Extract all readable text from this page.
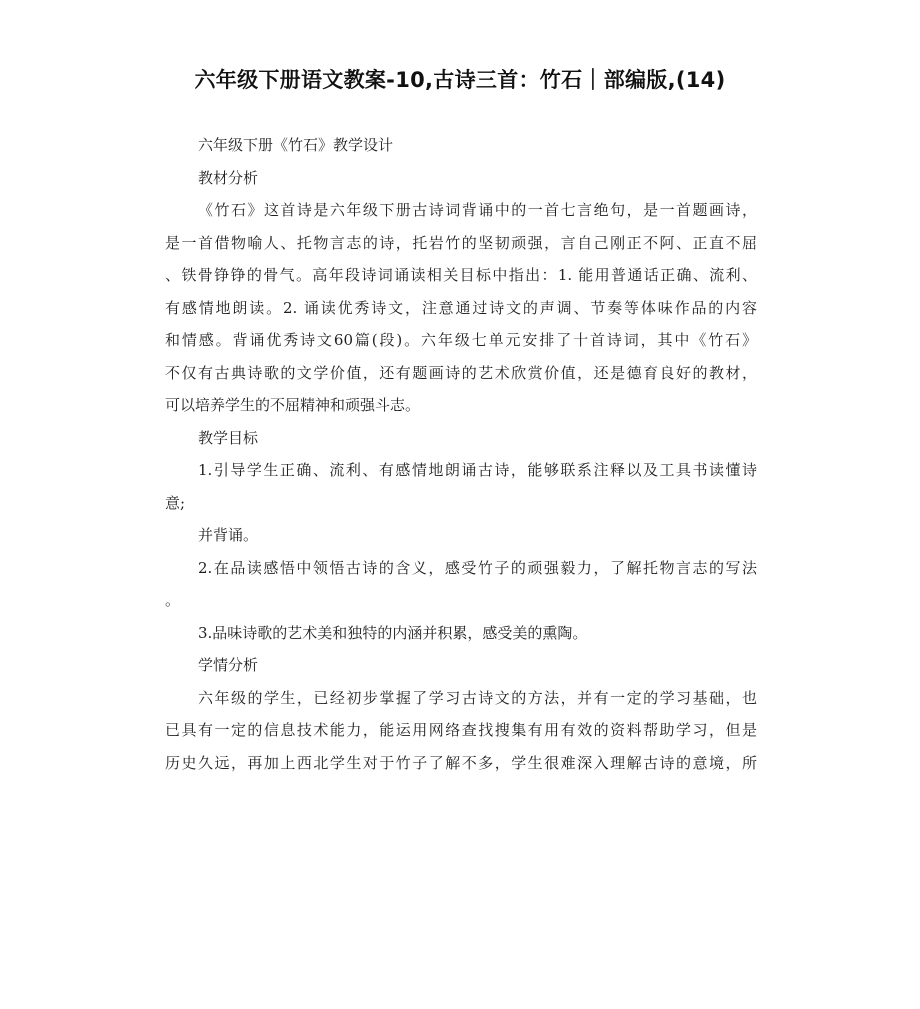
六年级下册语文教案-10,古诗三首：竹石｜部编版,(14)
六年级下册《竹石》教学设计
教材分析
《竹石》这首诗是六年级下册古诗词背诵中的一首七言绝句，是一首题画诗，
是一首借物喻人、托物言志的诗，托岩竹的坚韧顽强，言自己刚正不阿、正直不屈
、铁骨铮铮的骨气。高年段诗词诵读相关目标中指出：1. 能用普通话正确、流利、
有感情地朗读。2. 诵读优秀诗文，注意通过诗文的声调、节奏等体味作品的内容
和情感。背诵优秀诗文60篇(段)。六年级七单元安排了十首诗词，其中《竹石》
不仅有古典诗歌的文学价值，还有题画诗的艺术欣赏价值，还是德育良好的教材，
可以培养学生的不屈精神和顽强斗志。
教学目标
1.引导学生正确、流利、有感情地朗诵古诗，能够联系注释以及工具书读懂诗
意;
并背诵。
2.在品读感悟中领悟古诗的含义，感受竹子的顽强毅力，了解托物言志的写法
。
3.品味诗歌的艺术美和独特的内涵并积累，感受美的熏陶。
学情分析
六年级的学生，已经初步掌握了学习古诗文的方法，并有一定的学习基础，也
已具有一定的信息技术能力，能运用网络查找搜集有用有效的资料帮助学习，但是
历史久远，再加上西北学生对于竹子了解不多，学生很难深入理解古诗的意境，所
